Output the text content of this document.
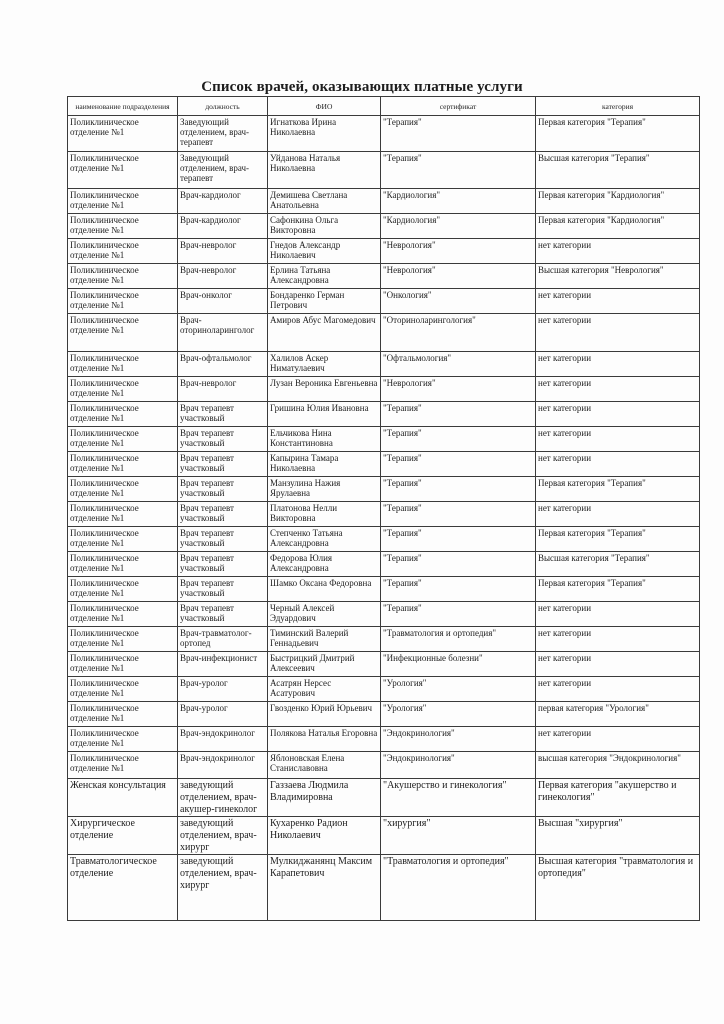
Список врачей, оказывающих платные услуги
наименование подразделения	должность	ФИО	сертификат	категория
Поликлиническое отделение №1	Заведующий отделением, врач-терапевт	Игнаткова Ирина Николаевна	"Терапия"	Первая категория "Терапия"
Поликлиническое отделение №1	Заведующий отделением, врач-терапевт	Уйданова Наталья Николаевна	"Терапия"	Высшая категория "Терапия"
Поликлиническое отделение №1	Врач-кардиолог	Демишева Светлана Анатольевна	"Кардиология"	Первая категория "Кардиология"
Поликлиническое отделение №1	Врач-кардиолог	Сафонкина Ольга Викторовна	"Кардиология"	Первая категория "Кардиология"
Поликлиническое отделение №1	Врач-невролог	Гнедов Александр Николаевич	"Неврология"	нет категории
Поликлиническое отделение №1	Врач-невролог	Ерлина Татьяна Александровна	"Неврология"	Высшая категория "Неврология"
Поликлиническое отделение №1	Врач-онколог	Бондаренко Герман Петрович	"Онкология"	нет категории
Поликлиническое отделение №1	Врач-оториноларинголог	Амиров Абус Магомедович	"Оториноларингология"	нет категории
Поликлиническое отделение №1	Врач-офтальмолог	Халилов Аскер Ниматулаевич	"Офтальмология"	нет категории
Поликлиническое отделение №1	Врач-невролог	Лузан Вероника Евгеньевна	"Неврология"	нет категории
Поликлиническое отделение №1	Врач терапевт участковый	Гришина Юлия Ивановна	"Терапия"	нет категории
Поликлиническое отделение №1	Врач терапевт участковый	Ельчикова Нина Константиновна	"Терапия"	нет категории
Поликлиническое отделение №1	Врач терапевт участковый	Капырина Тамара Николаевна	"Терапия"	нет категории
Поликлиническое отделение №1	Врач терапевт участковый	Манзулина Нажия Ярулаевна	"Терапия"	Первая категория "Терапия"
Поликлиническое отделение №1	Врач терапевт участковый	Платонова Нелли Викторовна	"Терапия"	нет категории
Поликлиническое отделение №1	Врач терапевт участковый	Степченко Татьяна Александровна	"Терапия"	Первая категория "Терапия"
Поликлиническое отделение №1	Врач терапевт участковый	Федорова Юлия Александровна	"Терапия"	Высшая категория "Терапия"
Поликлиническое отделение №1	Врач терапевт участковый	Шамко Оксана Федоровна	"Терапия"	Первая категория "Терапия"
Поликлиническое отделение №1	Врач терапевт участковый	Черный Алексей Эдуардович	"Терапия"	нет категории
Поликлиническое отделение №1	Врач-травматолог-ортопед	Тиминский Валерий Геннадьевич	"Травматология и ортопедия"	нет категории
Поликлиническое отделение №1	Врач-инфекционист	Быстрицкий Дмитрий Алексеевич	"Инфекционные болезни"	нет категории
Поликлиническое отделение №1	Врач-уролог	Асатрян Нерсес Асатурович	"Урология"	нет категории
Поликлиническое отделение №1	Врач-уролог	Гвозденко Юрий Юрьевич	"Урология"	первая категория "Урология"
Поликлиническое отделение №1	Врач-эндокринолог	Полякова Наталья Егоровна	"Эндокринология"	нет категории
Поликлиническое отделение №1	Врач-эндокринолог	Яблоновская Елена Станиславовна	"Эндокринология"	высшая категория "Эндокринология"
Женская консультация	заведующий отделением, врач-акушер-гинеколог	Газзаева Людмила Владимировна	"Акушерство и гинекология"	Первая категория "акушерство и гинекология"
Хирургическое отделение	заведующий отделением, врач-хирург	Кухаренко Радион Николаевич	"хирургия"	Высшая "хирургия"
Травматологическое отделение	заведующий отделением, врач-хирург	Мулкиджанянц Максим Карапетович	"Травматология и ортопедия"	Высшая категория "травматология и ортопедия"
